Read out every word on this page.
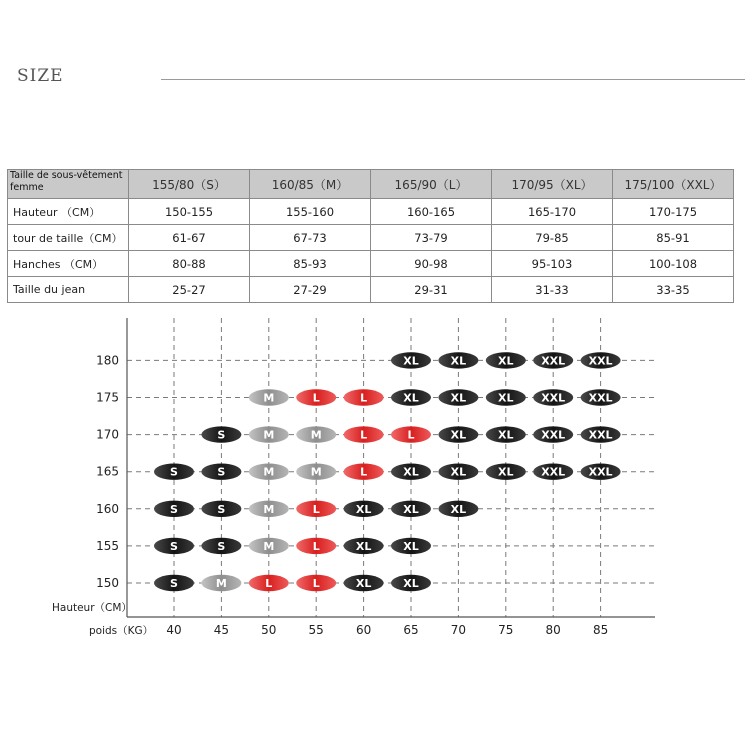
SIZE
Taille de sous-vêtement femme	155/80（S）	160/85（M）	165/90（L）	170/95（XL）	175/100（XXL）
Hauteur （CM）	150-155	155-160	160-165	165-170	170-175
tour de taille（CM）	61-67	67-73	73-79	79-85	85-91
Hanches （CM）	80-88	85-93	90-98	95-103	100-108
Taille du jean	25-27	27-29	29-31	31-33	33-35
150
155
160
165
170
175
180
40	45	50	55	60	65	70	75	80	85
XL	XL	XL	XXL XXL
M	L	L	XL	XL	XL	XXL XXL
S	M	M	L	L	XL	XL	XXL XXL
S	S	M	M	L	XL	XL	XL	XXL XXL
S	S	M	L	XL	XL	XL
S	S	M	L	XL	XL
S	M	L	L	XL	XL
Hauteur（CM）
poids（KG）
